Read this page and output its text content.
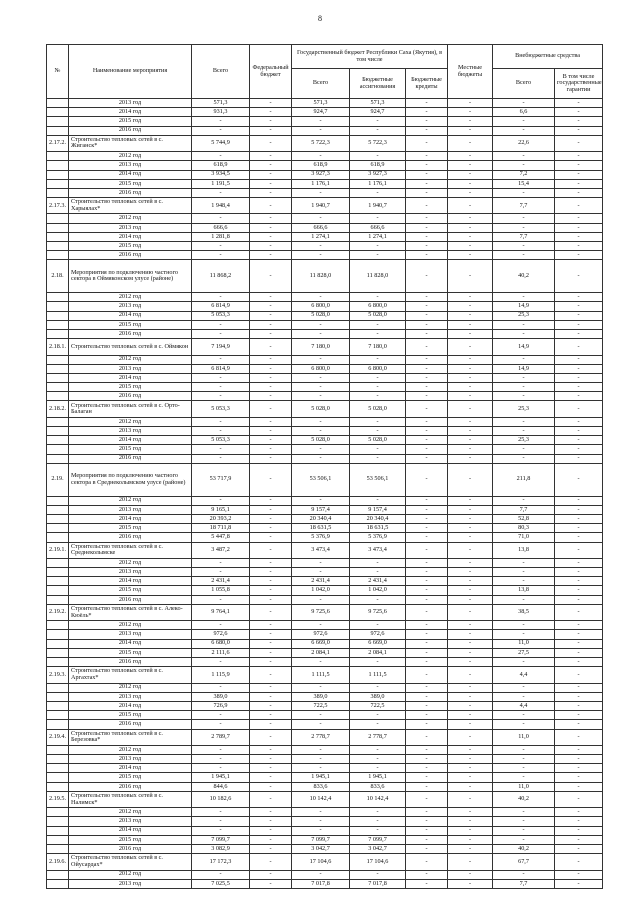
8
№	Наименование мероприятия	Всего	Федеральный бюджет	Государственный бюджет Республики Саха (Якутия), в том числе			Местные бюджеты	Внебюджетные средства	
				Всего	Бюджетные ассигнования	Бюджетные кредиты		Всего	В том числе государственные гарантии
	2013 год	571,3	-	571,3	571,3	-	-	-	-
	2014 год	931,3	-	924,7	924,7	-	-	6,6	-
	2015 год	-	-	-	-	-	-	-	-
	2016 год	-	-	-	-	-	-	-	-
2.17.2.	Строительство тепловых сетей в с. Жиганск*	5 744,9	-	5 722,3	5 722,3	-	-	22,6	-
	2012 год	-	-	-	-	-	-	-	-
	2013 год	618,9	-	618,9	618,9	-	-	-	-
	2014 год	3 934,5	-	3 927,3	3 927,3	-	-	7,2	-
	2015 год	1 191,5	-	1 176,1	1 176,1	-	-	15,4	-
	2016 год	-	-	-	-	-	-	-	-
2.17.3.	Строительство тепловых сетей в с. Харыялах*	1 948,4	-	1 940,7	1 940,7	-	-	7,7	-
	2012 год	-	-	-	-	-	-	-	-
	2013 год	666,6	-	666,6	666,6	-	-	-	-
	2014 год	1 281,8	-	1 274,1	1 274,1	-	-	7,7	-
	2015 год	-	-	-	-	-	-	-	-
	2016 год	-	-	-	-	-	-	-	-
2.18.	Мероприятия по подключению частного сектора в Оймяконском улусе (районе)	11 868,2	-	11 828,0	11 828,0	-	-	40,2	-
	2012 год	-	-	-	-	-	-	-	-
	2013 год	6 814,9	-	6 800,0	6 800,0	-	-	14,9	-
	2014 год	5 053,3	-	5 028,0	5 028,0	-	-	25,3	-
	2015 год	-	-	-	-	-	-	-	-
	2016 год	-	-	-	-	-	-	-	-
2.18.1.	Строительство тепловых сетей в с. Оймякон	7 194,9	-	7 180,0	7 180,0	-	-	14,9	-
	2012 год	-	-	-	-	-	-	-	-
	2013 год	6 814,9	-	6 800,0	6 800,0	-	-	14,9	-
	2014 год	-	-	-	-	-	-	-	-
	2015 год	-	-	-	-	-	-	-	-
	2016 год	-	-	-	-	-	-	-	-
2.18.2.	Строительство тепловых сетей в с. Орто-Балаган	5 053,3	-	5 028,0	5 028,0	-	-	25,3	-
	2012 год	-	-	-	-	-	-	-	-
	2013 год	-	-	-	-	-	-	-	-
	2014 год	5 053,3	-	5 028,0	5 028,0	-	-	25,3	-
	2015 год	-	-	-	-	-	-	-	-
	2016 год	-	-	-	-	-	-	-	-
2.19.	Мероприятия по подключению частного сектора в Среднеколымском улусе (районе)	53 717,9	-	53 506,1	53 506,1	-	-	211,8	-
	2012 год	-	-	-	-	-	-	-	-
	2013 год	9 165,1	-	9 157,4	9 157,4	-	-	7,7	-
	2014 год	20 393,2	-	20 340,4	20 340,4	-	-	52,8	-
	2015 год	18 711,8	-	18 631,5	18 631,5	-	-	80,3	-
	2016 год	5 447,8	-	5 376,9	5 376,9	-	-	71,0	-
2.19.1.	Строительство тепловых сетей в с. Среднеколымске	3 487,2	-	3 473,4	3 473,4	-	-	13,8	-
	2012 год	-	-	-	-	-	-	-	-
	2013 год	-	-	-	-	-	-	-	-
	2014 год	2 431,4	-	2 431,4	2 431,4	-	-	-	-
	2015 год	1 055,8	-	1 042,0	1 042,0	-	-	13,8	-
	2016 год	-	-	-	-	-	-	-	-
2.19.2.	Строительство тепловых сетей в с. Алеко-Кюёль*	9 764,1	-	9 725,6	9 725,6	-	-	38,5	-
	2012 год	-	-	-	-	-	-	-	-
	2013 год	972,6	-	972,6	972,6	-	-	-	-
	2014 год	6 680,0	-	6 669,0	6 669,0	-	-	11,0	-
	2015 год	2 111,6	-	2 084,1	2 084,1	-	-	27,5	-
	2016 год	-	-	-	-	-	-	-	-
2.19.3.	Строительство тепловых сетей в с. Аргахтах*	1 115,9	-	1 111,5	1 111,5	-	-	4,4	-
	2012 год	-	-	-	-	-	-	-	-
	2013 год	389,0	-	389,0	389,0	-	-	-	-
	2014 год	726,9	-	722,5	722,5	-	-	4,4	-
	2015 год	-	-	-	-	-	-	-	-
	2016 год	-	-	-	-	-	-	-	-
2.19.4.	Строительство тепловых сетей в с. Березовка*	2 789,7	-	2 778,7	2 778,7	-	-	11,0	-
	2012 год	-	-	-	-	-	-	-	-
	2013 год	-	-	-	-	-	-	-	-
	2014 год	-	-	-	-	-	-	-	-
	2015 год	1 945,1	-	1 945,1	1 945,1	-	-	-	-
	2016 год	844,6	-	833,6	833,6	-	-	11,0	-
2.19.5.	Строительство тепловых сетей в с. Налимск*	10 182,6	-	10 142,4	10 142,4	-	-	40,2	-
	2012 год	-	-	-	-	-	-	-	-
	2013 год	-	-	-	-	-	-	-	-
	2014 год	-	-	-	-	-	-	-	-
	2015 год	7 099,7	-	7 099,7	7 099,7	-	-	-	-
	2016 год	3 082,9	-	3 042,7	3 042,7	-	-	40,2	-
2.19.6.	Строительство тепловых сетей в с. Ойусардах*	17 172,3	-	17 104,6	17 104,6	-	-	67,7	-
	2012 год	-	-	-	-	-	-	-	-
	2013 год	7 025,5	-	7 017,8	7 017,8	-	-	7,7	-
